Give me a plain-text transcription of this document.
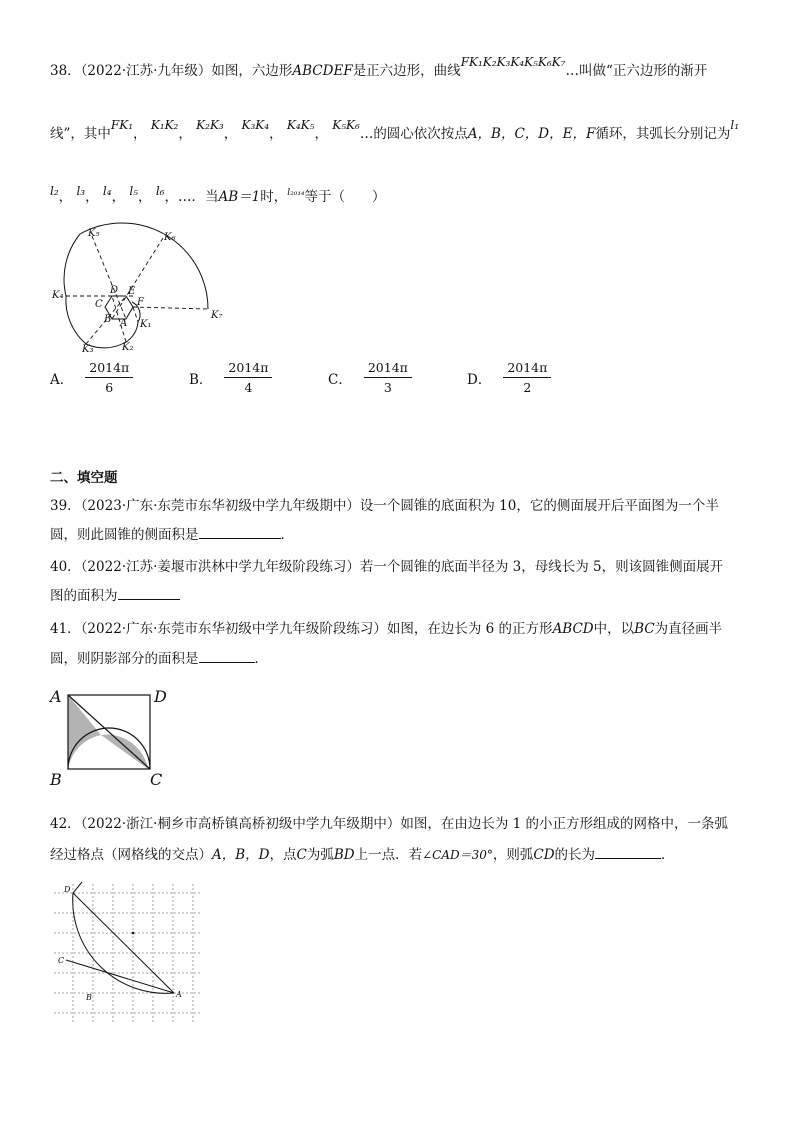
38．（2022·江苏·九年级）如图，六边形ABCDEF是正六边形，曲线FK₁K₂K₃K₄K₅K₆K₇…叫做“正六边形的渐开
线”，其中FK₁， K₁K₂， K₂K₃， K₃K₄， K₄K₅， K₅K₆…的圆心依次按点A，B，C，D，E，F循环，其弧长分别记为l₁
l₂， l₃， l₄， l₅， l₆，…．当AB＝1时，$^{l_{2014}}$等于（　　）
K₅	K₆
K₄
K₇
K₃	K₂
K₁
D E
C	F
B A
A． $\frac{2014\pi}{6}$	B． $\frac{2014\pi}{4}$	C． $\frac{2014\pi}{3}$	D． $\frac{2014\pi}{2}$
二、填空题
39．（2023·广东·东莞市东华初级中学九年级期中）设一个圆锥的底面积为 10，它的侧面展开后平面图为一个半
圆，则此圆锥的侧面积是	．
40．（2022·江苏·姜堰市洪林中学九年级阶段练习）若一个圆锥的底面半径为 3，母线长为 5，则该圆锥侧面展开
图的面积为
41．（2022·广东·东莞市东华初级中学九年级阶段练习）如图，在边长为 6 的正方形ABCD中，以BC为直径画半
圆，则阴影部分的面积是	．
A	D
B	C
42．（2022·浙江·桐乡市高桥镇高桥初级中学九年级期中）如图，在由边长为 1 的小正方形组成的网格中，一条弧
经过格点（网格线的交点）A，B，D，点C为弧BD上一点．若∠CAD＝30°，则弧CD的长为	．
D
C
B	A
